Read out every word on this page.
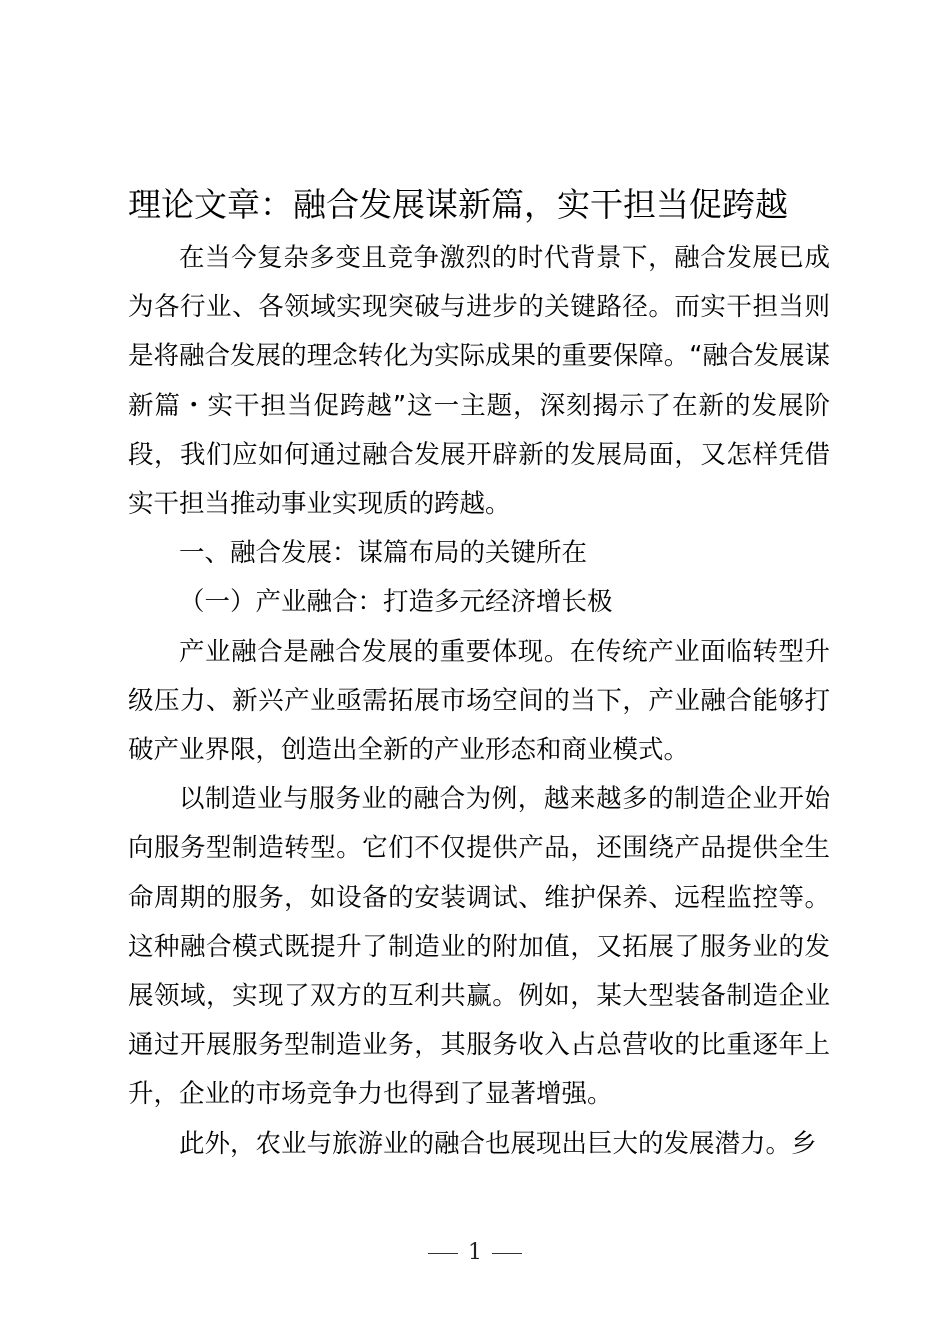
理论文章：融合发展谋新篇，实干担当促跨越

在当今复杂多变且竞争激烈的时代背景下，融合发展已成为各行业、各领域实现突破与进步的关键路径。而实干担当则是将融合发展的理念转化为实际成果的重要保障。“融合发展谋新篇・实干担当促跨越”这一主题，深刻揭示了在新的发展阶段，我们应如何通过融合发展开辟新的发展局面，又怎样凭借实干担当推动事业实现质的跨越。

一、融合发展：谋篇布局的关键所在

（一）产业融合：打造多元经济增长极

产业融合是融合发展的重要体现。在传统产业面临转型升级压力、新兴产业亟需拓展市场空间的当下，产业融合能够打破产业界限，创造出全新的产业形态和商业模式。

以制造业与服务业的融合为例，越来越多的制造企业开始向服务型制造转型。它们不仅提供产品，还围绕产品提供全生命周期的服务，如设备的安装调试、维护保养、远程监控等。这种融合模式既提升了制造业的附加值，又拓展了服务业的发展领域，实现了双方的互利共赢。例如，某大型装备制造企业通过开展服务型制造业务，其服务收入占总营收的比重逐年上升，企业的市场竞争力也得到了显著增强。

此外，农业与旅游业的融合也展现出巨大的发展潜力。乡

1
